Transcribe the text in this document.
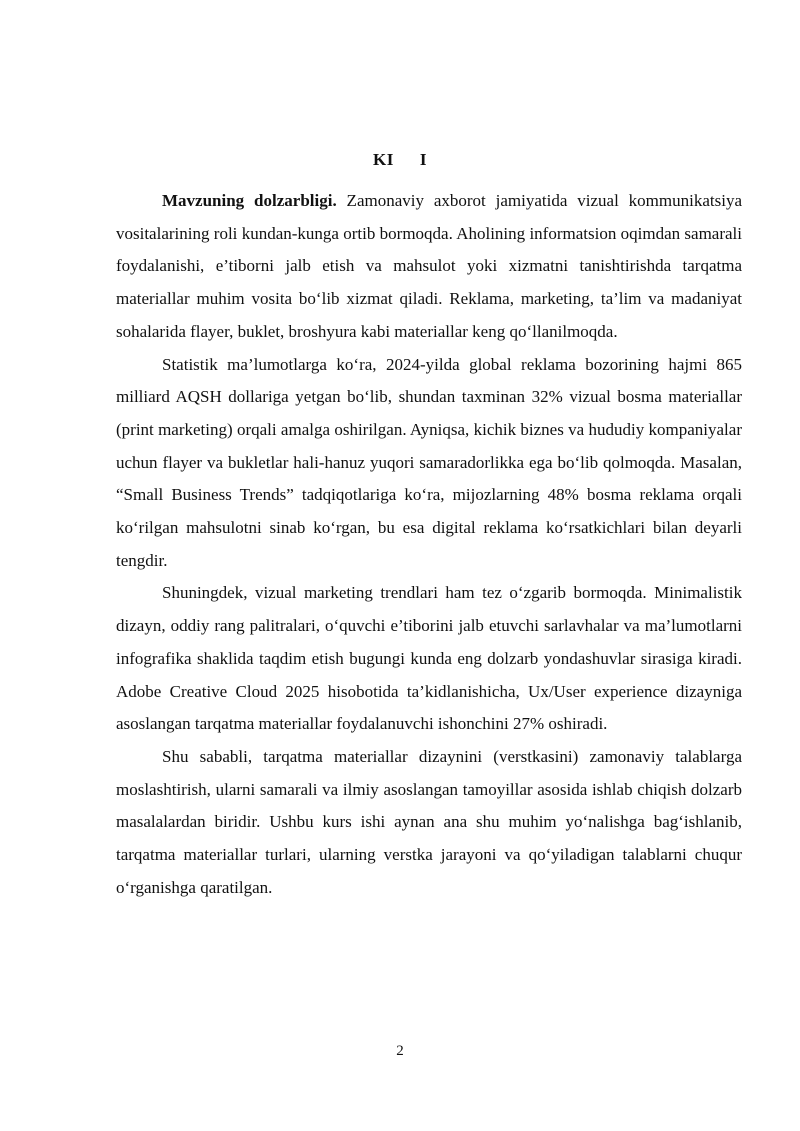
KI I

Mavzuning dolzarbligi. Zamonaviy axborot jamiyatida vizual kommunikatsiya vositalarining roli kundan-kunga ortib bormoqda. Aholining informatsion oqimdan samarali foydalanishi, e’tiborni jalb etish va mahsulot yoki xizmatni tanishtirishda tarqatma materiallar muhim vosita bo‘lib xizmat qiladi. Reklama, marketing, ta’lim va madaniyat sohalarida flayer, buklet, broshyura kabi materiallar keng qo‘llanilmoqda.

Statistik ma’lumotlarga ko‘ra, 2024-yilda global reklama bozorining hajmi 865 milliard AQSH dollariga yetgan bo‘lib, shundan taxminan 32% vizual bosma materiallar (print marketing) orqali amalga oshirilgan. Ayniqsa, kichik biznes va hududiy kompaniyalar uchun flayer va bukletlar hali-hanuz yuqori samaradorlikka ega bo‘lib qolmoqda. Masalan, “Small Business Trends” tadqiqotlariga ko‘ra, mijozlarning 48% bosma reklama orqali ko‘rilgan mahsulotni sinab ko‘rgan, bu esa digital reklama ko‘rsatkichlari bilan deyarli tengdir.

Shuningdek, vizual marketing trendlari ham tez o‘zgarib bormoqda. Minimalistik dizayn, oddiy rang palitralari, o‘quvchi e’tiborini jalb etuvchi sarlavhalar va ma’lumotlarni infografika shaklida taqdim etish bugungi kunda eng dolzarb yondashuvlar sirasiga kiradi. Adobe Creative Cloud 2025 hisobotida ta’kidlanishicha, Ux/User experience dizayniga asoslangan tarqatma materiallar foydalanuvchi ishonchini 27% oshiradi.

Shu sababli, tarqatma materiallar dizaynini (verstkasini) zamonaviy talablarga moslashtirish, ularni samarali va ilmiy asoslangan tamoyillar asosida ishlab chiqish dolzarb masalalardan biridir. Ushbu kurs ishi aynan ana shu muhim yo‘nalishga bag‘ishlanib, tarqatma materiallar turlari, ularning verstka jarayoni va qo‘yiladigan talablarni chuqur o‘rganishga qaratilgan.

2
